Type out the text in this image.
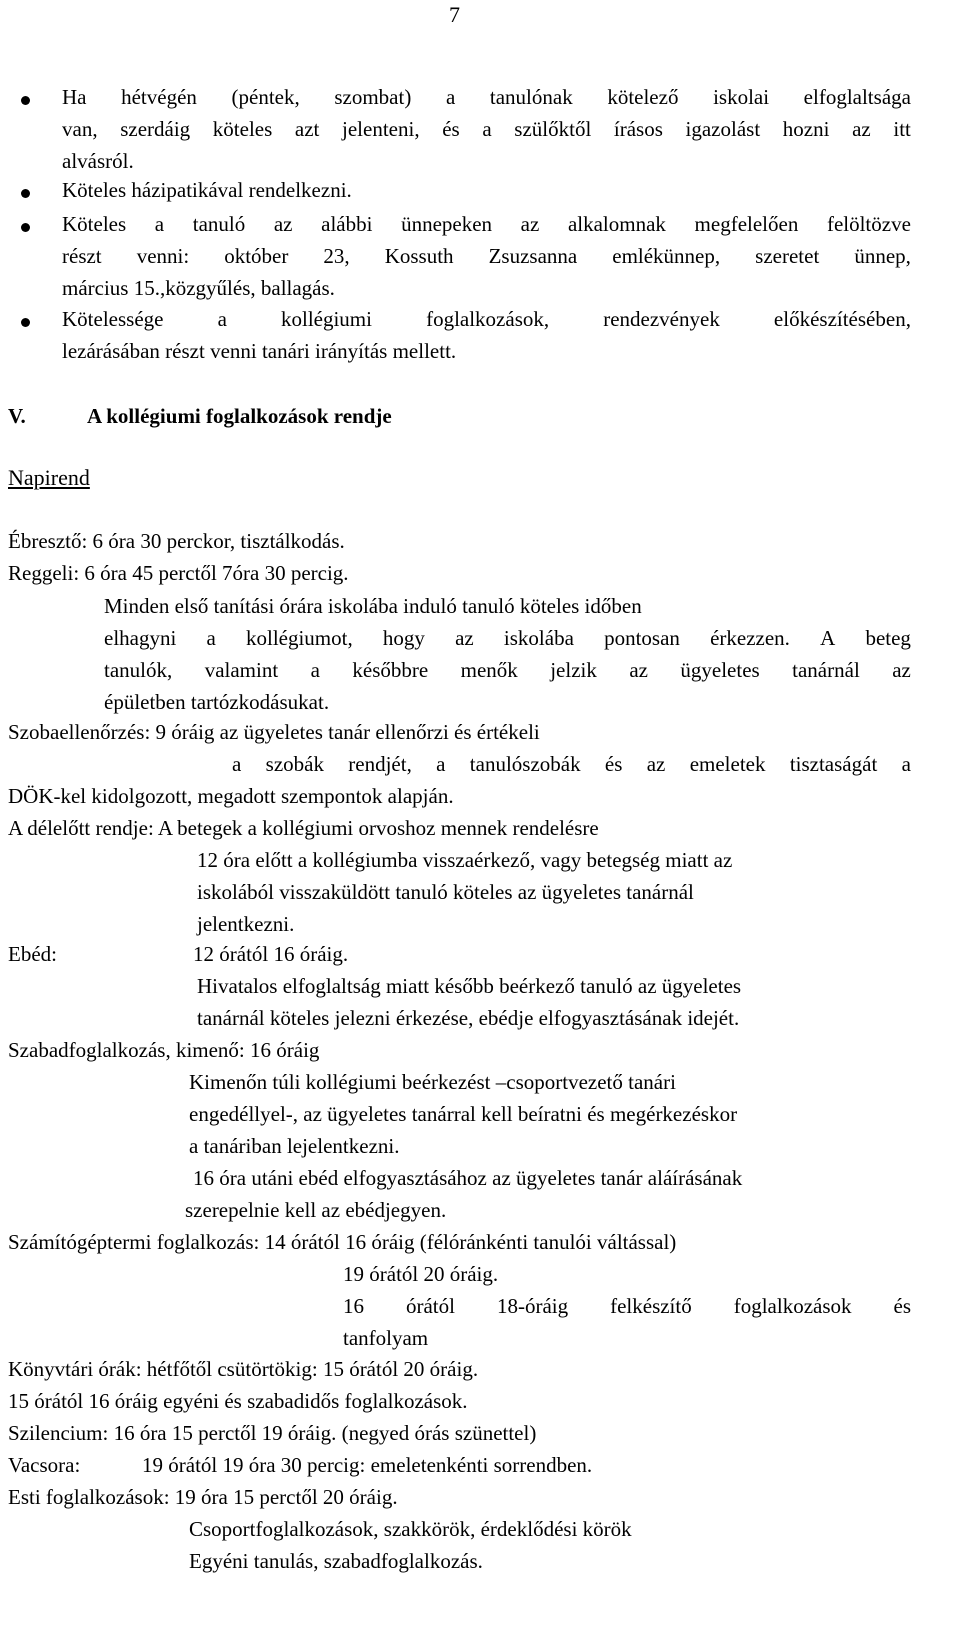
7
Ha hétvégén (péntek, szombat) a tanulónak kötelező iskolai elfoglaltsága
van, szerdáig köteles azt jelenteni, és a szülőktől írásos igazolást hozni az itt
alvásról.
Köteles házipatikával rendelkezni.
Köteles a tanuló az alábbi ünnepeken az alkalomnak megfelelően felöltözve
részt venni: október 23, Kossuth Zsuzsanna emlékünnep, szeretet ünnep,
március 15.,közgyűlés, ballagás.
Kötelessége	a	kollégiumi	foglalkozások,	rendezvények	előkészítésében,
lezárásában részt venni tanári irányítás mellett.
V.	A kollégiumi foglalkozások rendje
Napirend
Ébresztő: 6 óra 30 perckor, tisztálkodás.
Reggeli: 6 óra 45 perctől 7óra 30 percig.
Minden első tanítási órára iskolába induló tanuló köteles időben
elhagyni a kollégiumot, hogy az iskolába pontosan érkezzen. A beteg
tanulók, valamint a későbbre menők jelzik az ügyeletes tanárnál az
épületben tartózkodásukat.
Szobaellenőrzés: 9 óráig az ügyeletes tanár ellenőrzi és értékeli
a szobák rendjét, a tanulószobák és az emeletek tisztaságát a
DÖK-kel kidolgozott, megadott szempontok alapján.
A délelőtt rendje: A betegek a kollégiumi orvoshoz mennek rendelésre
12 óra előtt a kollégiumba visszaérkező, vagy betegség miatt az
iskolából visszaküldött tanuló köteles az ügyeletes tanárnál
jelentkezni.
Ebéd:	12 órától 16 óráig.
Hivatalos elfoglaltság miatt később beérkező tanuló az ügyeletes
tanárnál köteles jelezni érkezése, ebédje elfogyasztásának idejét.
Szabadfoglalkozás, kimenő: 16 óráig
Kimenőn túli kollégiumi beérkezést –csoportvezető tanári
engedéllyel-, az ügyeletes tanárral kell beíratni és megérkezéskor
a tanáriban lejelentkezni.
16 óra utáni ebéd elfogyasztásához az ügyeletes tanár aláírásának
szerepelnie kell az ebédjegyen.
Számítógéptermi foglalkozás: 14 órától 16 óráig (félóránkénti tanulói váltással)
19 órától 20 óráig.
16 órától 18-óráig felkészítő foglalkozások és
tanfolyam
Könyvtári órák: hétfőtől csütörtökig: 15 órától 20 óráig.
15 órától 16 óráig egyéni és szabadidős foglalkozások.
Szilencium: 16 óra 15 perctől 19 óráig. (negyed órás szünettel)
Vacsora:	19 órától 19 óra 30 percig: emeletenkénti sorrendben.
Esti foglalkozások: 19 óra 15 perctől 20 óráig.
Csoportfoglalkozások, szakkörök, érdeklődési körök
Egyéni tanulás, szabadfoglalkozás.
